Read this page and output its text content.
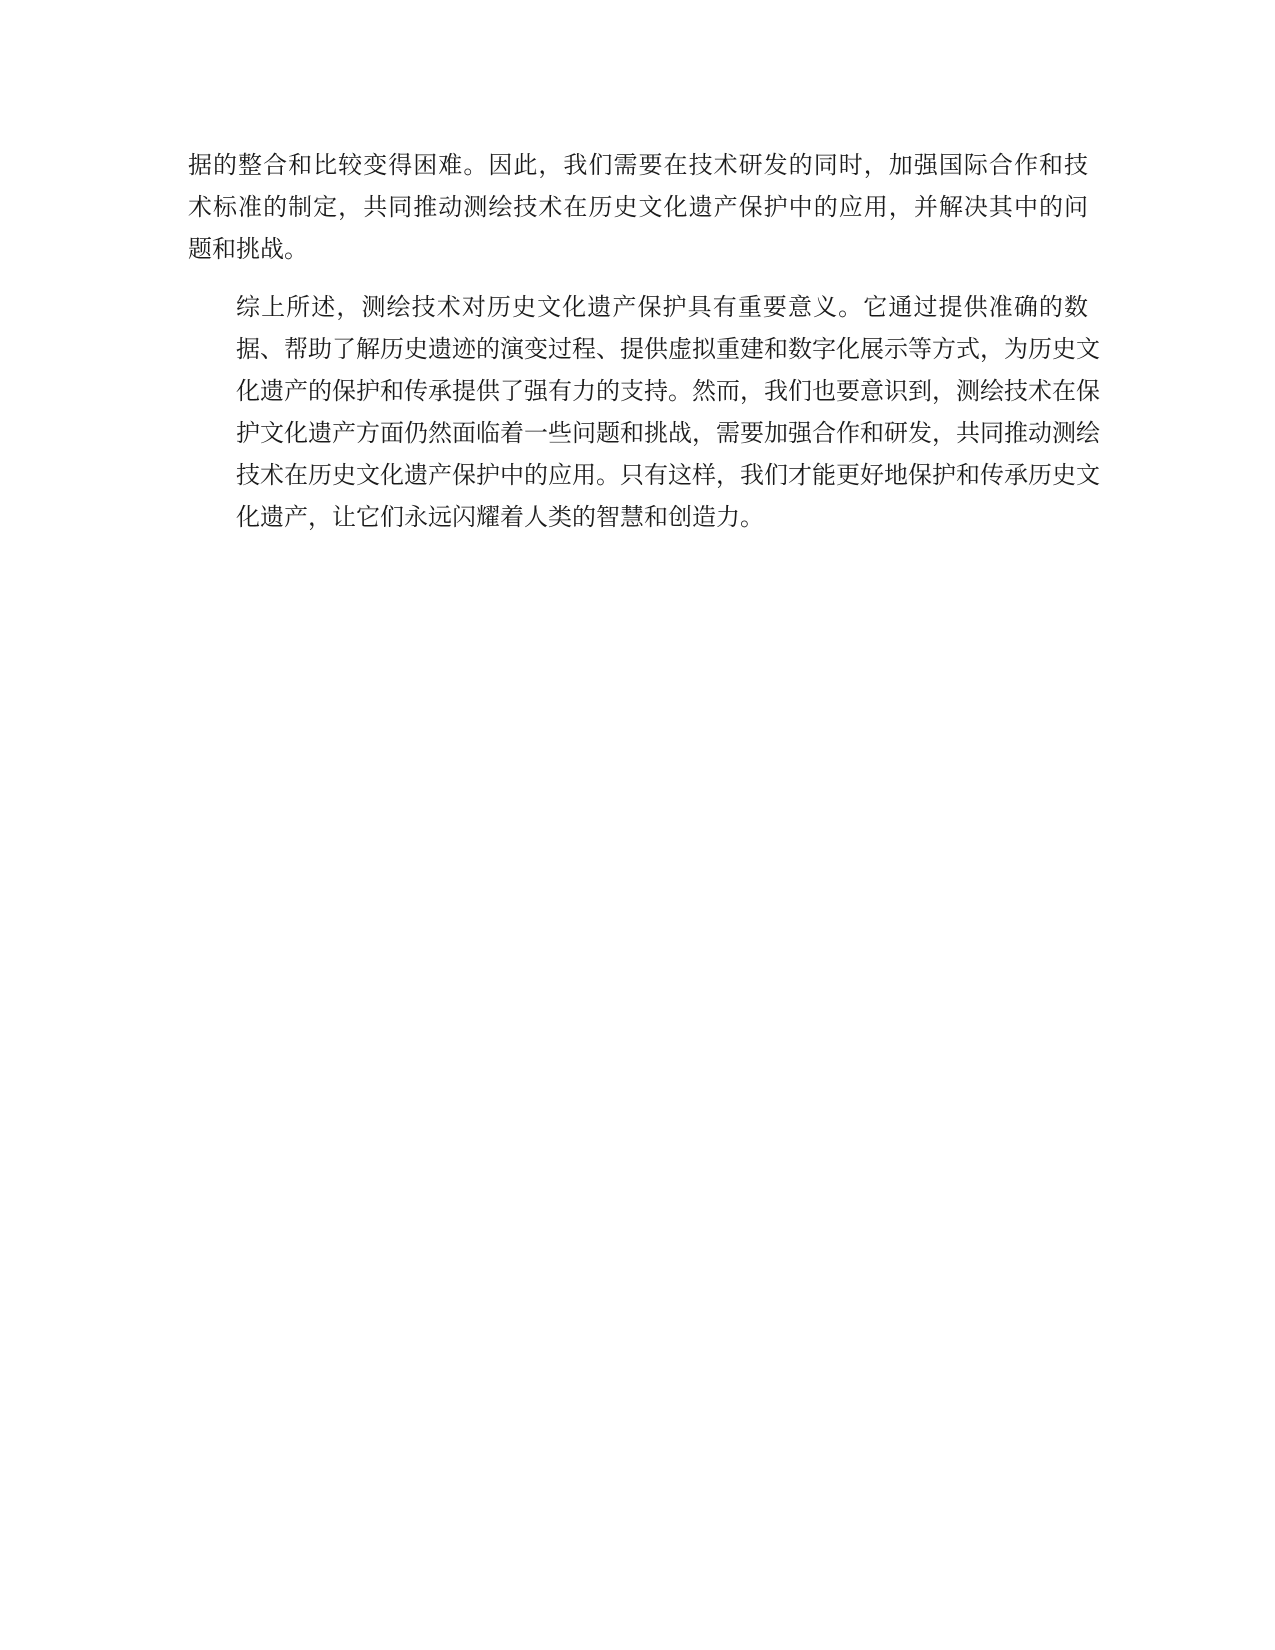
据的整合和比较变得困难。因此，我们需要在技术研发的同时，加强国际合作和技
术标准的制定，共同推动测绘技术在历史文化遗产保护中的应用，并解决其中的问
题和挑战。

综上所述，测绘技术对历史文化遗产保护具有重要意义。它通过提供准确的数
据、帮助了解历史遗迹的演变过程、提供虚拟重建和数字化展示等方式，为历史文
化遗产的保护和传承提供了强有力的支持。然而，我们也要意识到，测绘技术在保
护文化遗产方面仍然面临着一些问题和挑战，需要加强合作和研发，共同推动测绘
技术在历史文化遗产保护中的应用。只有这样，我们才能更好地保护和传承历史文
化遗产，让它们永远闪耀着人类的智慧和创造力。
